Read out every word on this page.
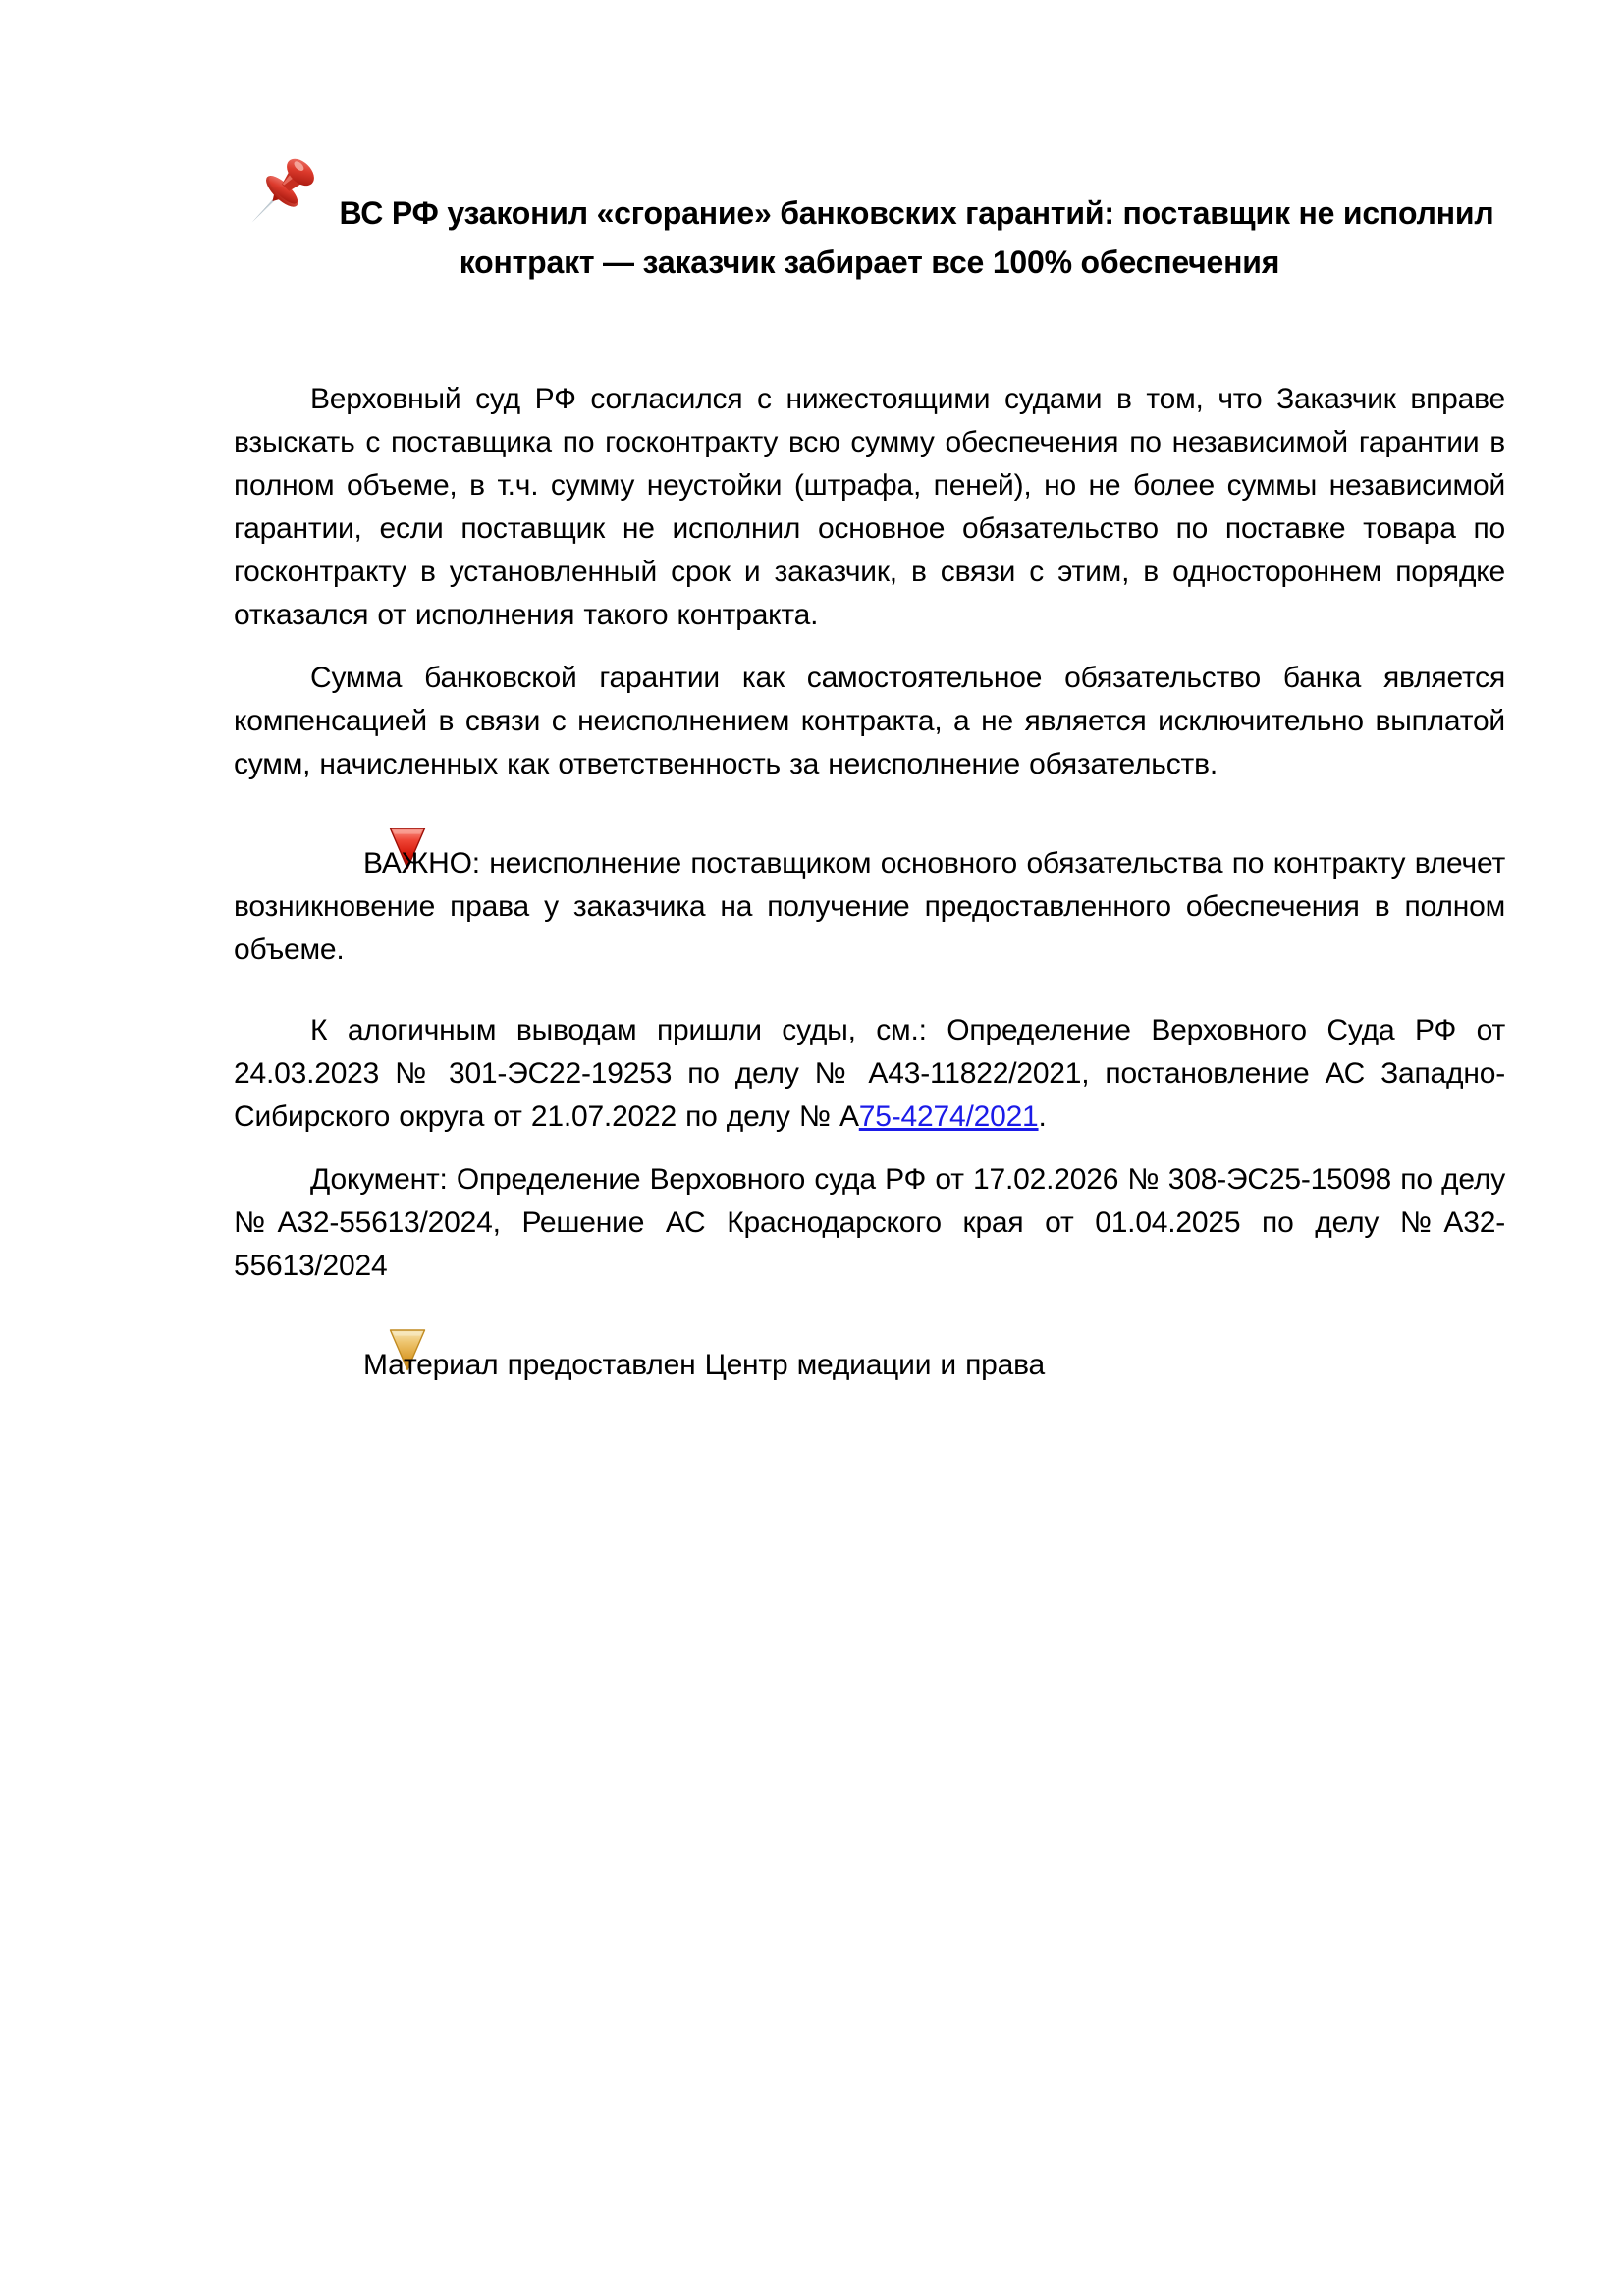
ВС РФ узаконил «сгорание» банковских гарантий: поставщик не исполнил
контракт — заказчик забирает все 100% обеспечения

Верховный суд РФ согласился с нижестоящими судами в том, что Заказчик вправе взыскать с поставщика по госконтракту всю сумму обеспечения по независимой гарантии в полном объеме, в т.ч. сумму неустойки (штрафа, пеней), но не более суммы независимой гарантии, если поставщик не исполнил основное обязательство по поставке товара по госконтракту в установленный срок и заказчик, в связи с этим, в одностороннем порядке отказался от исполнения такого контракта.

Сумма банковской гарантии как самостоятельное обязательство банка является компенсацией в связи с неисполнением контракта, а не является исключительно выплатой сумм, начисленных как ответственность за неисполнение обязательств.

ВАЖНО: неисполнение поставщиком основного обязательства по контракту влечет возникновение права у заказчика на получение предоставленного обеспечения в полном объеме.

К алогичным выводам пришли суды, см.: Определение Верховного Суда РФ от 24.03.2023 № 301-ЭС22-19253 по делу № А43-11822/2021, постановление АС Западно-Сибирского округа от 21.07.2022 по делу № А75-4274/2021.

Документ: Определение Верховного суда РФ от 17.02.2026 № 308-ЭС25-15098 по делу №А32-55613/2024, Решение АС Краснодарского края от 01.04.2025 по делу №А32-55613/2024

Материал предоставлен Центр медиации и права
